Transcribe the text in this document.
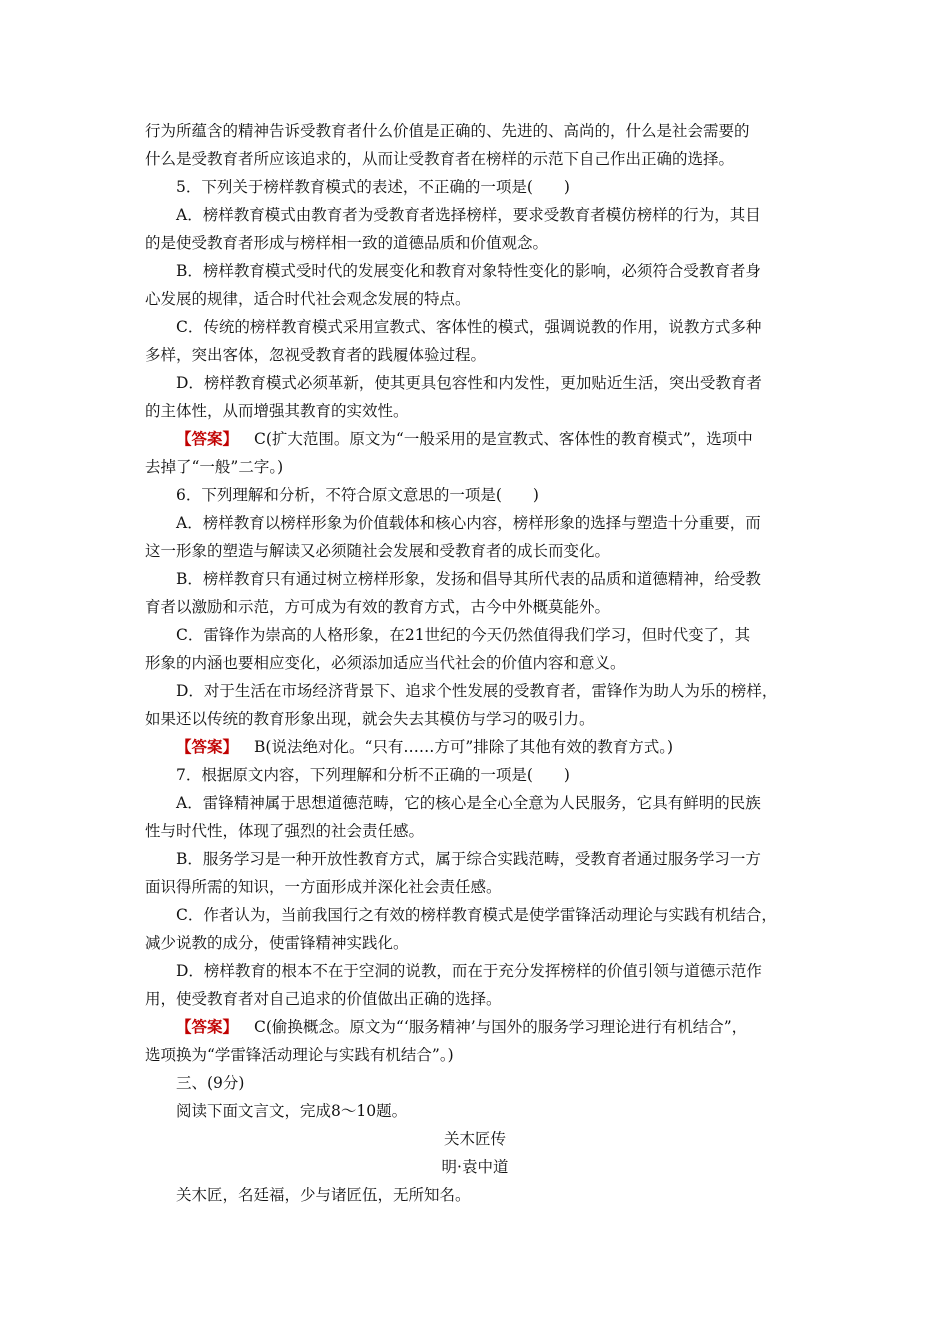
行为所蕴含的精神告诉受教育者什么价值是正确的、先进的、高尚的，什么是社会需要的
什么是受教育者所应该追求的，从而让受教育者在榜样的示范下自己作出正确的选择。
5．下列关于榜样教育模式的表述，不正确的一项是(　　)
A．榜样教育模式由教育者为受教育者选择榜样，要求受教育者模仿榜样的行为，其目
的是使受教育者形成与榜样相一致的道德品质和价值观念。
B．榜样教育模式受时代的发展变化和教育对象特性变化的影响，必须符合受教育者身
心发展的规律，适合时代社会观念发展的特点。
C．传统的榜样教育模式采用宣教式、客体性的模式，强调说教的作用，说教方式多种
多样，突出客体，忽视受教育者的践履体验过程。
D．榜样教育模式必须革新，使其更具包容性和内发性，更加贴近生活，突出受教育者
的主体性，从而增强其教育的实效性。
【答案】 C(扩大范围。原文为“一般采用的是宣教式、客体性的教育模式”，选项中
去掉了“一般”二字。)
6．下列理解和分析，不符合原文意思的一项是(　　)
A．榜样教育以榜样形象为价值载体和核心内容，榜样形象的选择与塑造十分重要，而
这一形象的塑造与解读又必须随社会发展和受教育者的成长而变化。
B．榜样教育只有通过树立榜样形象，发扬和倡导其所代表的品质和道德精神，给受教
育者以激励和示范，方可成为有效的教育方式，古今中外概莫能外。
C．雷锋作为崇高的人格形象，在21世纪的今天仍然值得我们学习，但时代变了，其
形象的内涵也要相应变化，必须添加适应当代社会的价值内容和意义。
D．对于生活在市场经济背景下、追求个性发展的受教育者，雷锋作为助人为乐的榜样，
如果还以传统的教育形象出现，就会失去其模仿与学习的吸引力。
【答案】 B(说法绝对化。“只有……方可”排除了其他有效的教育方式。)
7．根据原文内容，下列理解和分析不正确的一项是(　　)
A．雷锋精神属于思想道德范畴，它的核心是全心全意为人民服务，它具有鲜明的民族
性与时代性，体现了强烈的社会责任感。
B．服务学习是一种开放性教育方式，属于综合实践范畴，受教育者通过服务学习一方
面识得所需的知识，一方面形成并深化社会责任感。
C．作者认为，当前我国行之有效的榜样教育模式是使学雷锋活动理论与实践有机结合，
减少说教的成分，使雷锋精神实践化。
D．榜样教育的根本不在于空洞的说教，而在于充分发挥榜样的价值引领与道德示范作
用，使受教育者对自己追求的价值做出正确的选择。
【答案】 C(偷换概念。原文为“‘服务精神’与国外的服务学习理论进行有机结合”，
选项换为“学雷锋活动理论与实践有机结合”。)
三、(9分)
阅读下面文言文，完成8～10题。
关木匠传
明·袁中道
关木匠，名廷福，少与诸匠伍，无所知名。
